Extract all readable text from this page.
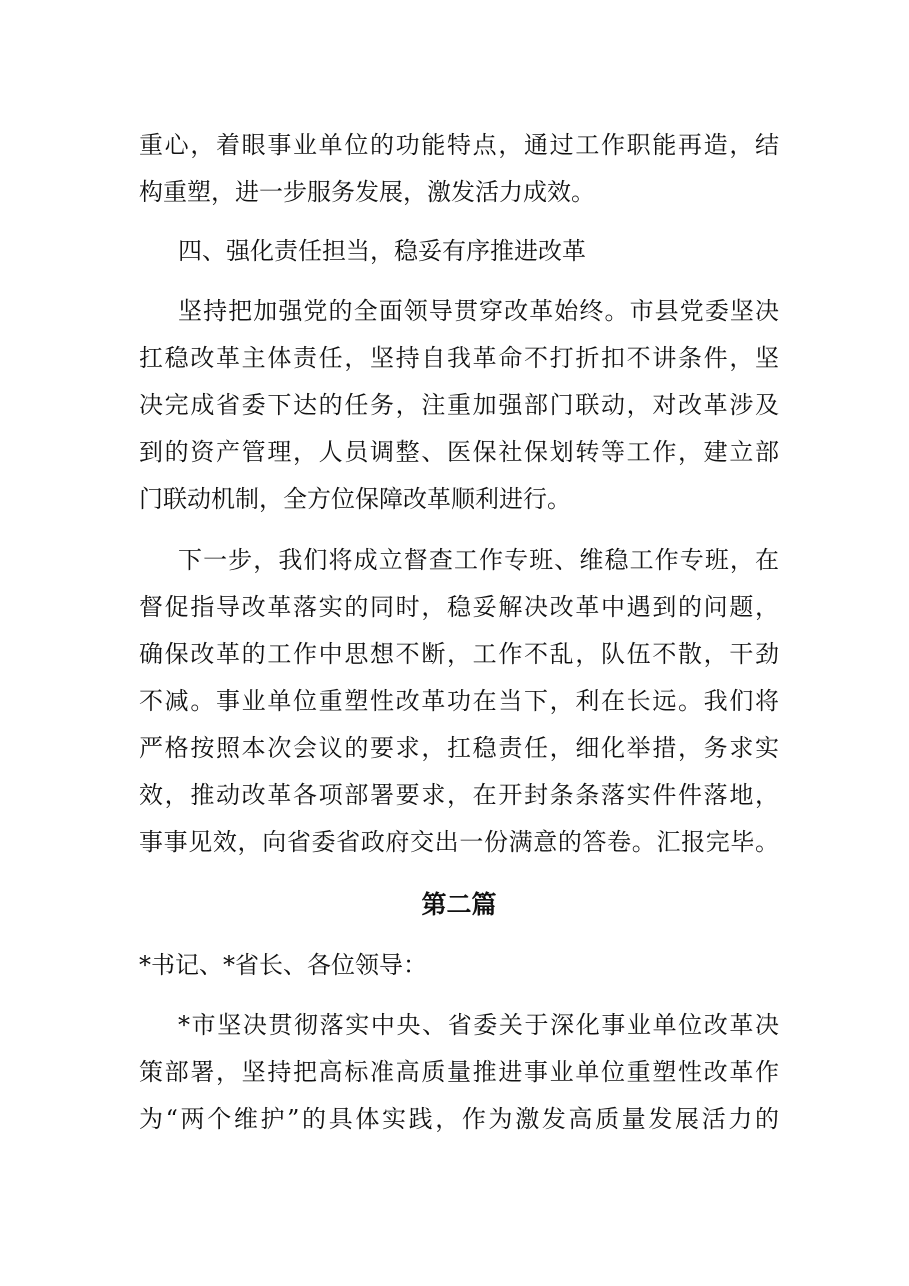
重心，着眼事业单位的功能特点，通过工作职能再造，结
构重塑，进一步服务发展，激发活力成效。
四、强化责任担当，稳妥有序推进改革
坚持把加强党的全面领导贯穿改革始终。市县党委坚决
扛稳改革主体责任，坚持自我革命不打折扣不讲条件，坚
决完成省委下达的任务，注重加强部门联动，对改革涉及
到的资产管理，人员调整、医保社保划转等工作，建立部
门联动机制，全方位保障改革顺利进行。
下一步，我们将成立督查工作专班、维稳工作专班，在
督促指导改革落实的同时，稳妥解决改革中遇到的问题，
确保改革的工作中思想不断，工作不乱，队伍不散，干劲
不减。事业单位重塑性改革功在当下，利在长远。我们将
严格按照本次会议的要求，扛稳责任，细化举措，务求实
效，推动改革各项部署要求，在开封条条落实件件落地，
事事见效，向省委省政府交出一份满意的答卷。汇报完毕。
第二篇
*书记、*省长、各位领导：
*市坚决贯彻落实中央、省委关于深化事业单位改革决
策部署，坚持把高标准高质量推进事业单位重塑性改革作
为“两个维护”的具体实践，作为激发高质量发展活力的
